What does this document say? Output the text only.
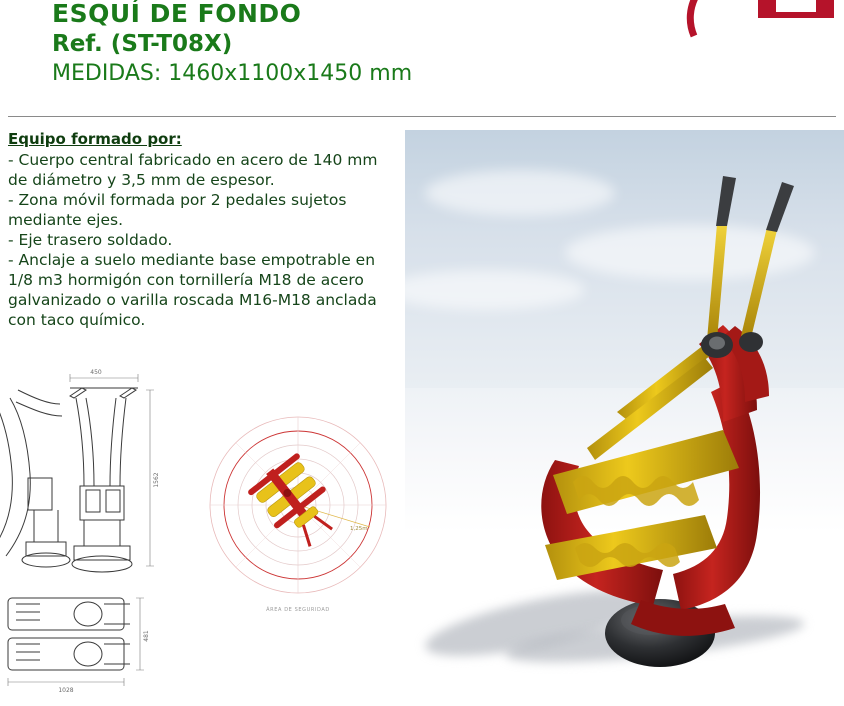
ESQUÍ DE FONDO
Ref. (ST-T08X)
MEDIDAS: 1460x1100x1450 mm
Equipo formado por:
- Cuerpo central fabricado en acero de 140 mm
de diámetro y 3,5 mm de espesor.
- Zona móvil formada por 2 pedales sujetos
mediante ejes.
- Eje trasero soldado.
- Anclaje a suelo mediante base empotrable en
1/8 m3 hormigón con tornillería M18 de acero
galvanizado o varilla roscada M16-M18 anclada
con taco químico.
450
1562
481
1028
1,25m
ÁREA DE SEGURIDAD
